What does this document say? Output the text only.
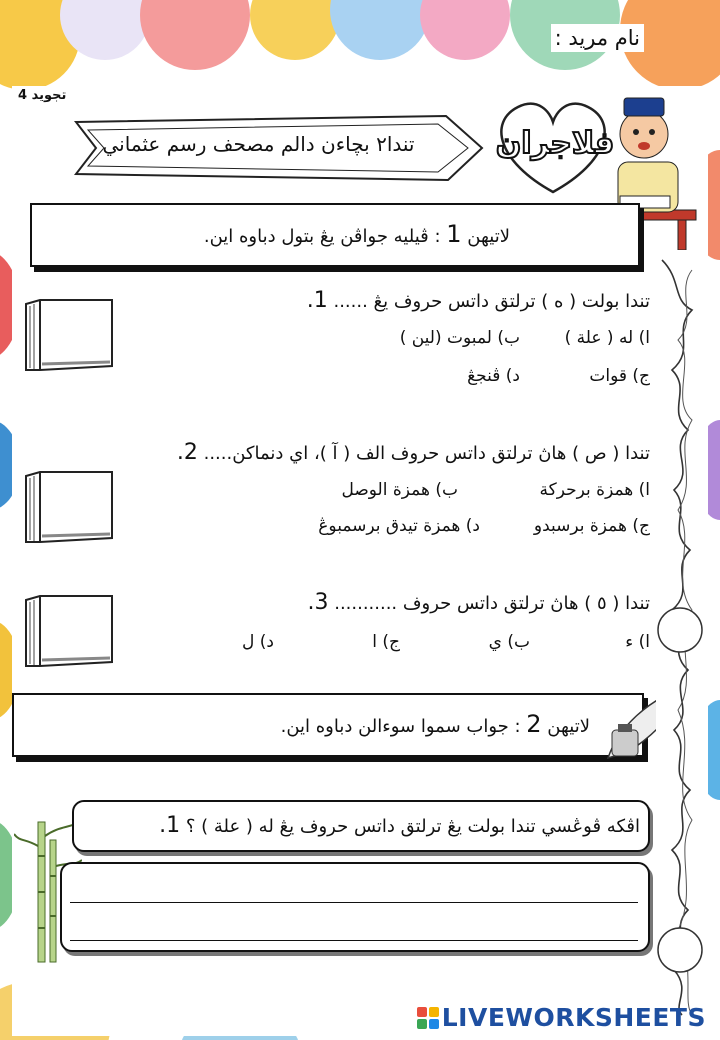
نام مريد :
تجويد 4
تندا٢ بچاءن دالم مصحف رسم عثماني	فلاجران
لاتيهن 1 : ڤيليه جواڤن يڠ بتول دباوه اين.
تندا بولت ( ه ) ترلتق داتس حروف يڠ ...... 1.
ا) له ( علة )
ب) لمبوت (لين )
ج) قوات
د) ڤنجڠ
تندا ( ص ) هاڽ ترلتق داتس حروف الف ( آ )، اي دنماكن..... 2.
ا) همزة برحركة
ب) همزة الوصل
ج) همزة برسبدو
د) همزة تيدق برسمبوڠ
تندا ( ٥ ) هاڽ ترلتق داتس حروف ........... 3.
ا) ء
ب) ي
ج) ا
د) ل
لاتيهن 2 : جواب سموا سوءالن دباوه اين.
اڤكه ڤوڠسي تندا بولت يڠ ترلتق داتس حروف يڠ له ( علة ) ؟ 1.
LIVEWORKSHEETS
